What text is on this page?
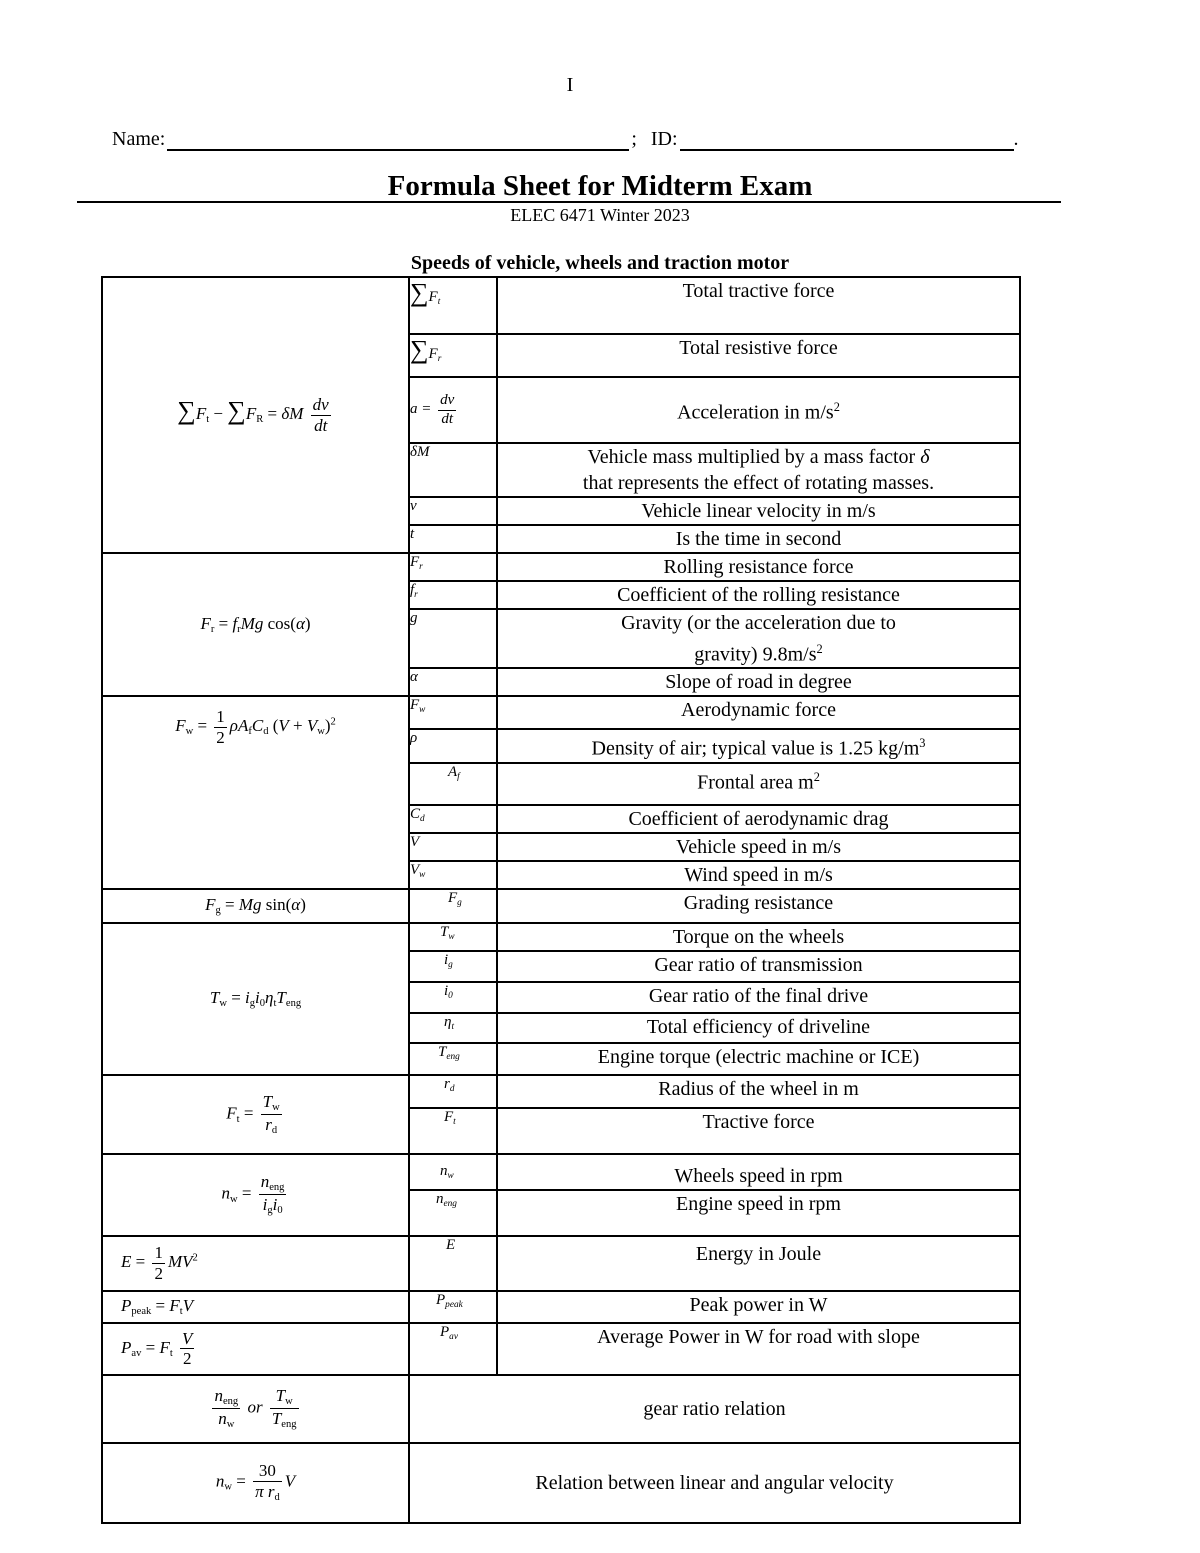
I
Name:	; ID:	.
Formula Sheet for Midterm Exam
ELEC 6471 Winter 2023
Speeds of vehicle, wheels and traction motor
$\sum F_t - \sum F_R = \delta M \frac{dv}{dt}$	$\sum F_t$	Total tractive force
	$\sum F_r$	Total resistive force
	$a = \frac{dv}{dt}$	Acceleration in $m/s^2$
	δM	Vehicle mass multiplied by a mass factor δ
that represents the effect of rotating masses.
	v	Vehicle linear velocity in m/s
	t	Is the time in second
$F_r = f_rMg$ cos(α)	$F_r$	Rolling resistance force
	$f_r$	Coefficient of the rolling resistance
	g	Gravity (or the acceleration due to
gravity) $9.8m/s^2$
	α	Slope of road in degree
$F_w = \frac{1}{2} \rho A_fC_d$ $(V + V_w)^2$	$F_w$	Aerodynamic force
	ρ	Density of air; typical value is 1.25 $kg/m^3$
	$A_f$	Frontal area $m^2$
	$C_d$	Coefficient of aerodynamic drag
	V	Vehicle speed in m/s
	$V_w$	Wind speed in m/s
$F_g = Mg$ sin(α)	$F_g$	Grading resistance
$T_w = i_gi_0\eta_tT_{eng}$	$T_w$	Torque on the wheels
	$i_g$	Gear ratio of transmission
	$i_0$	Gear ratio of the final drive
	$\eta_t$	Total efficiency of driveline
	$T_{eng}$	Engine torque (electric machine or ICE)
$F_t = \frac{T_w}{r_d}$	$r_d$	Radius of the wheel in m
	$F_t$	Tractive force
$n_w = \frac{n_{eng}}{i_gi_0}$	$n_w$	Wheels speed in rpm
	$n_{eng}$	Engine speed in rpm
$E = \frac{1}{2} MV^2$	E	Energy in Joule
$P_{peak} = F_tV$	$P_{peak}$	Peak power in W
$P_{av} = F_t \frac{V}{2}$	$P_{av}$	Average Power in W for road with slope

$\frac{n_{eng}}{n_w}$ or $\frac{T_w}{T_{eng}}$	gear ratio relation	
$n_w = \frac{30}{\pi r_d}$ V	Relation between linear and angular velocity	
